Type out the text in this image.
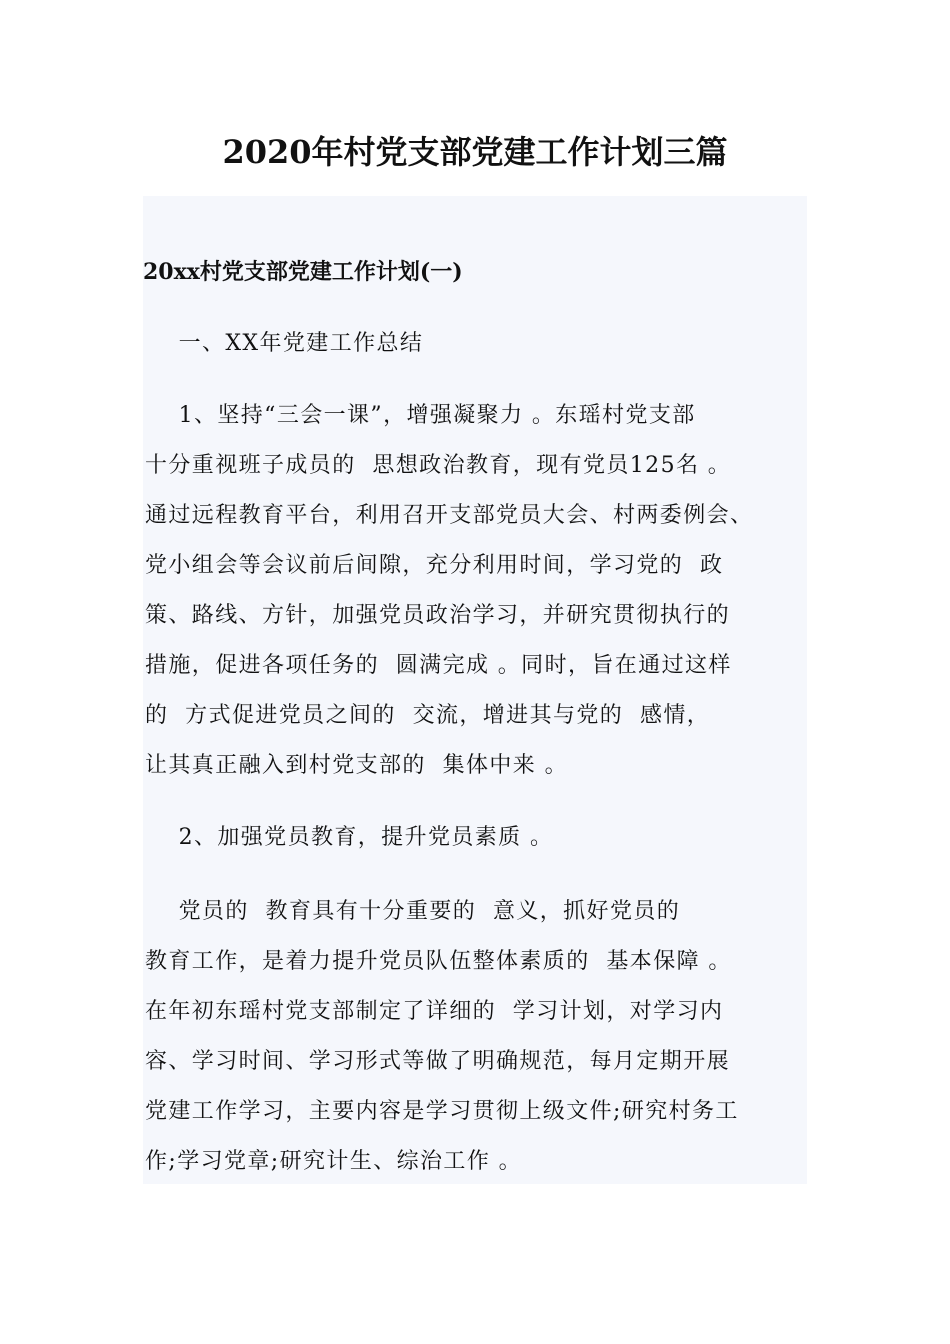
2020年村党支部党建工作计划三篇
20xx村党支部党建工作计划(一)

一、XX年党建工作总结

1、坚持“三会一课”，增强凝聚力 。东瑶村党支部

十分重视班子成员的  思想政治教育，现有党员125名 。

通过远程教育平台，利用召开支部党员大会、村两委例会、

党小组会等会议前后间隙，充分利用时间，学习党的  政

策、路线、方针，加强党员政治学习，并研究贯彻执行的

措施，促进各项任务的  圆满完成 。同时，旨在通过这样

的  方式促进党员之间的  交流，增进其与党的  感情，

让其真正融入到村党支部的  集体中来 。

2、加强党员教育，提升党员素质 。

党员的  教育具有十分重要的  意义，抓好党员的

教育工作，是着力提升党员队伍整体素质的  基本保障 。

在年初东瑶村党支部制定了详细的  学习计划，对学习内

容、学习时间、学习形式等做了明确规范，每月定期开展

党建工作学习，主要内容是学习贯彻上级文件;研究村务工

作;学习党章;研究计生、综治工作 。
